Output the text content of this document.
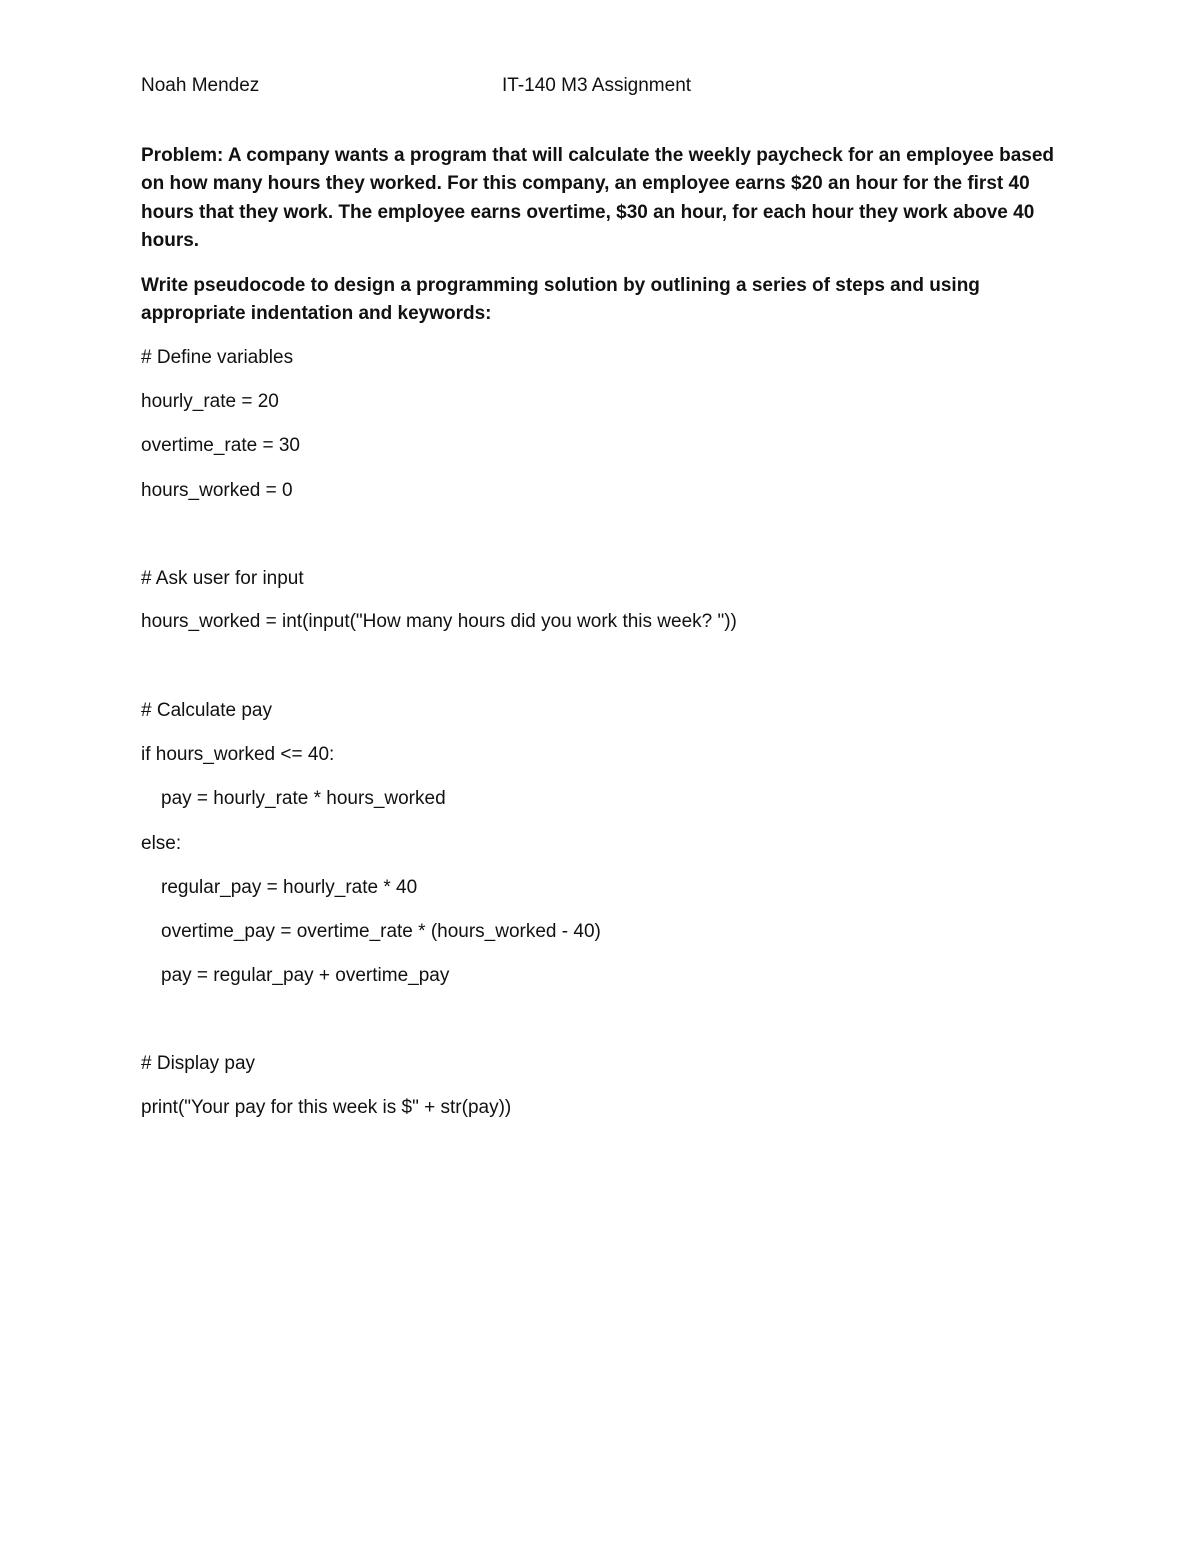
Noah Mendez	IT-140 M3 Assignment

Problem: A company wants a program that will calculate the weekly paycheck for an employee based on how many hours they worked. For this company, an employee earns $20 an hour for the first 40 hours that they work. The employee earns overtime, $30 an hour, for each hour they work above 40 hours.

Write pseudocode to design a programming solution by outlining a series of steps and using appropriate indentation and keywords:

# Define variables
hourly_rate = 20
overtime_rate = 30
hours_worked = 0
# Ask user for input
hours_worked = int(input("How many hours did you work this week? "))
# Calculate pay
if hours_worked <= 40:
pay = hourly_rate * hours_worked
else:
regular_pay = hourly_rate * 40
overtime_pay = overtime_rate * (hours_worked - 40)
pay = regular_pay + overtime_pay
# Display pay
print("Your pay for this week is $" + str(pay))
